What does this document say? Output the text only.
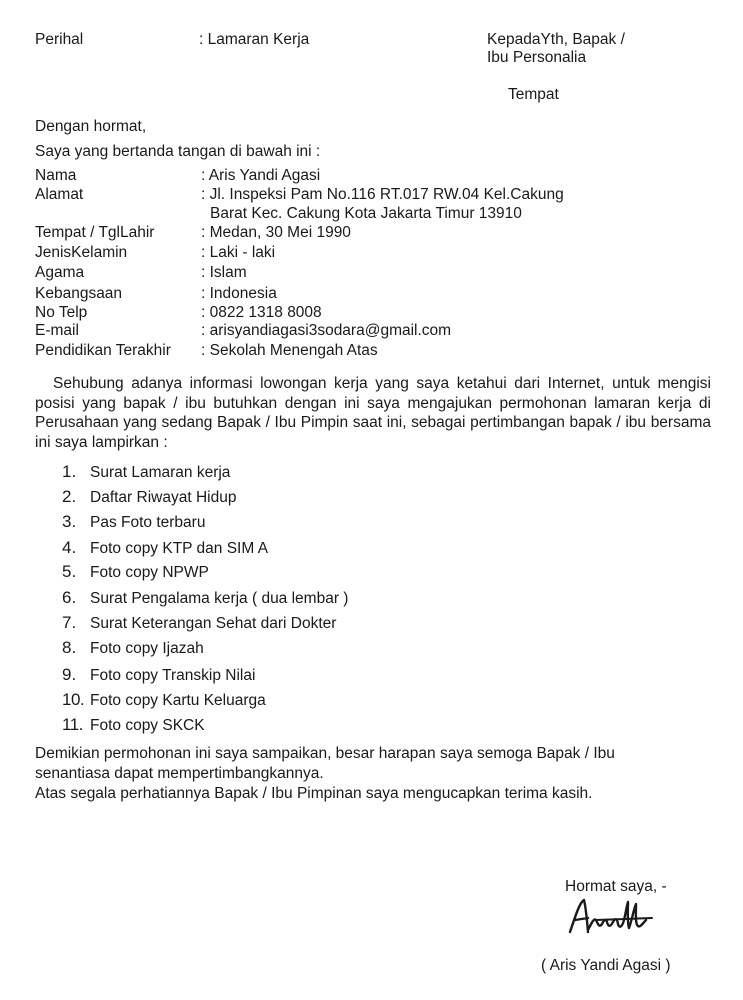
Perihal	: Lamaran Kerja	KepadaYth, Bapak /
Ibu Personalia
Tempat
Dengan hormat,
Saya yang bertanda tangan di bawah ini :
Nama	: Aris Yandi Agasi
Alamat	: Jl. Inspeksi Pam No.116 RT.017 RW.04 Kel.Cakung
Barat Kec. Cakung Kota Jakarta Timur 13910
Tempat / TglLahir	: Medan, 30 Mei 1990
JenisKelamin	: Laki - laki
Agama	: Islam
Kebangsaan	: Indonesia
No Telp	: 0822 1318 8008
E-mail	: arisyandiagasi3sodara@gmail.com
Pendidikan Terakhir : Sekolah Menengah Atas
Sehubung adanya informasi lowongan kerja yang saya ketahui dari Internet, untuk mengisi posisi yang bapak / ibu butuhkan dengan ini saya mengajukan permohonan lamaran kerja di Perusahaan yang sedang Bapak / Ibu Pimpin saat ini, sebagai pertimbangan bapak / ibu bersama ini saya lampirkan :
1. Surat Lamaran kerja
2. Daftar Riwayat Hidup
3. Pas Foto terbaru
4. Foto copy KTP dan SIM A
5. Foto copy NPWP
6. Surat Pengalama kerja ( dua lembar )
7. Surat Keterangan Sehat dari Dokter
8. Foto copy Ijazah
9. Foto copy Transkip Nilai
10. Foto copy Kartu Keluarga
11. Foto copy SKCK
Demikian permohonan ini saya sampaikan, besar harapan saya semoga Bapak / Ibu
senantiasa dapat mempertimbangkannya.
Atas segala perhatiannya Bapak / Ibu Pimpinan saya mengucapkan terima kasih.
Hormat saya, -
( Aris Yandi Agasi )
